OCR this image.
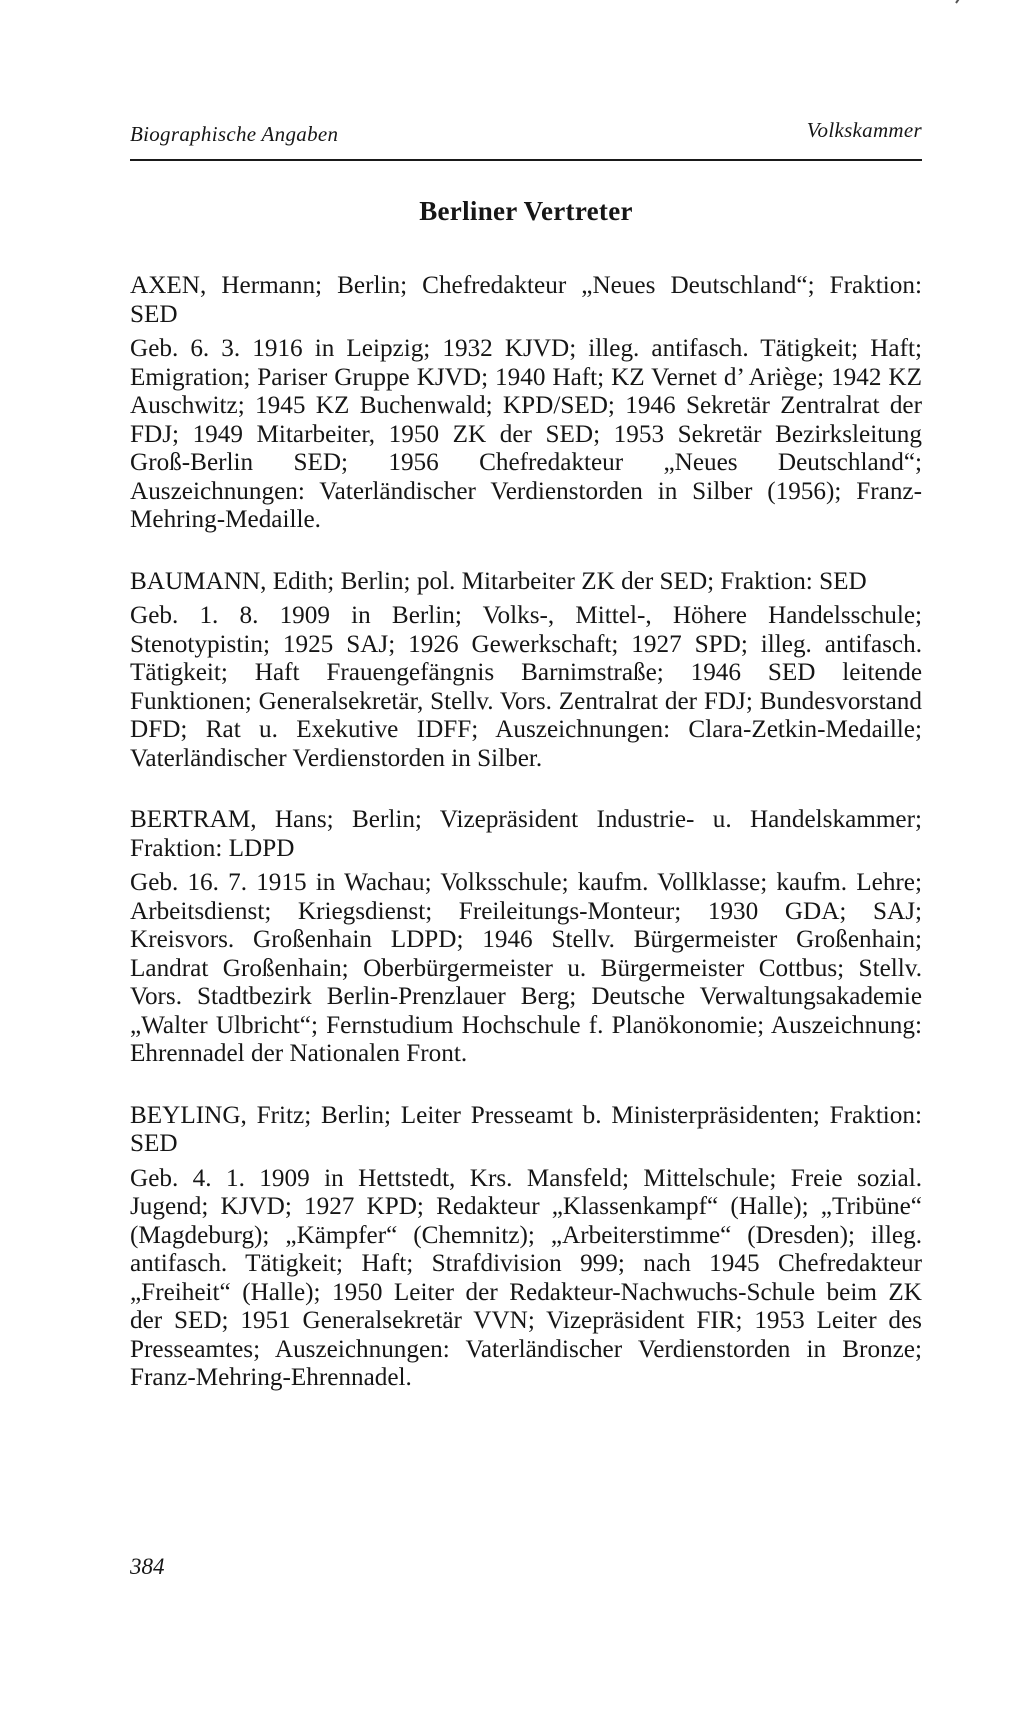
Biographische Angaben	Volkskammer
Berliner Vertreter

AXEN, Hermann; Berlin; Chefredakteur „Neues Deutschland“; Fraktion: SED

Geb. 6. 3. 1916 in Leipzig; 1932 KJVD; illeg. antifasch. Tätigkeit; Haft; Emigration; Pariser Gruppe KJVD; 1940 Haft; KZ Vernet d’ Ariège; 1942 KZ Auschwitz; 1945 KZ Buchenwald; KPD/SED; 1946 Sekretär Zentralrat der FDJ; 1949 Mitarbeiter, 1950 ZK der SED; 1953 Sekretär Bezirksleitung Groß-Berlin SED; 1956 Chefredakteur „Neues Deutschland“; Auszeichnungen: Vaterländischer Verdienstorden in Silber (1956); Franz-Mehring-Medaille.

BAUMANN, Edith; Berlin; pol. Mitarbeiter ZK der SED; Fraktion: SED

Geb. 1. 8. 1909 in Berlin; Volks-, Mittel-, Höhere Handelsschule; Stenotypistin; 1925 SAJ; 1926 Gewerkschaft; 1927 SPD; illeg. antifasch. Tätigkeit; Haft Frauengefängnis Barnimstraße; 1946 SED leitende Funktionen; Generalsekretär, Stellv. Vors. Zentralrat der FDJ; Bundesvorstand DFD; Rat u. Exekutive IDFF; Auszeichnungen: Clara-Zetkin-Medaille; Vaterländischer Verdienstorden in Silber.

BERTRAM, Hans; Berlin; Vizepräsident Industrie- u. Handelskammer; Fraktion: LDPD

Geb. 16. 7. 1915 in Wachau; Volksschule; kaufm. Vollklasse; kaufm. Lehre; Arbeitsdienst; Kriegsdienst; Freileitungs-Monteur; 1930 GDA; SAJ; Kreisvors. Großenhain LDPD; 1946 Stellv. Bürgermeister Großenhain; Landrat Großenhain; Oberbürgermeister u. Bürgermeister Cottbus; Stellv. Vors. Stadtbezirk Berlin-Prenzlauer Berg; Deutsche Verwaltungsakademie „Walter Ulbricht“; Fernstudium Hochschule f. Planökonomie; Auszeichnung: Ehrennadel der Nationalen Front.

BEYLING, Fritz; Berlin; Leiter Presseamt b. Ministerpräsidenten; Fraktion: SED

Geb. 4. 1. 1909 in Hettstedt, Krs. Mansfeld; Mittelschule; Freie sozial. Jugend; KJVD; 1927 KPD; Redakteur „Klassenkampf“ (Halle); „Tribüne“ (Magdeburg); „Kämpfer“ (Chemnitz); „Arbeiterstimme“ (Dresden); illeg. antifasch. Tätigkeit; Haft; Strafdivision 999; nach 1945 Chefredakteur „Freiheit“ (Halle); 1950 Leiter der Redakteur-Nachwuchs-Schule beim ZK der SED; 1951 Generalsekretär VVN; Vizepräsident FIR; 1953 Leiter des Presseamtes; Auszeichnungen: Vaterländischer Verdienstorden in Bronze; Franz-Mehring-Ehrennadel.

384
